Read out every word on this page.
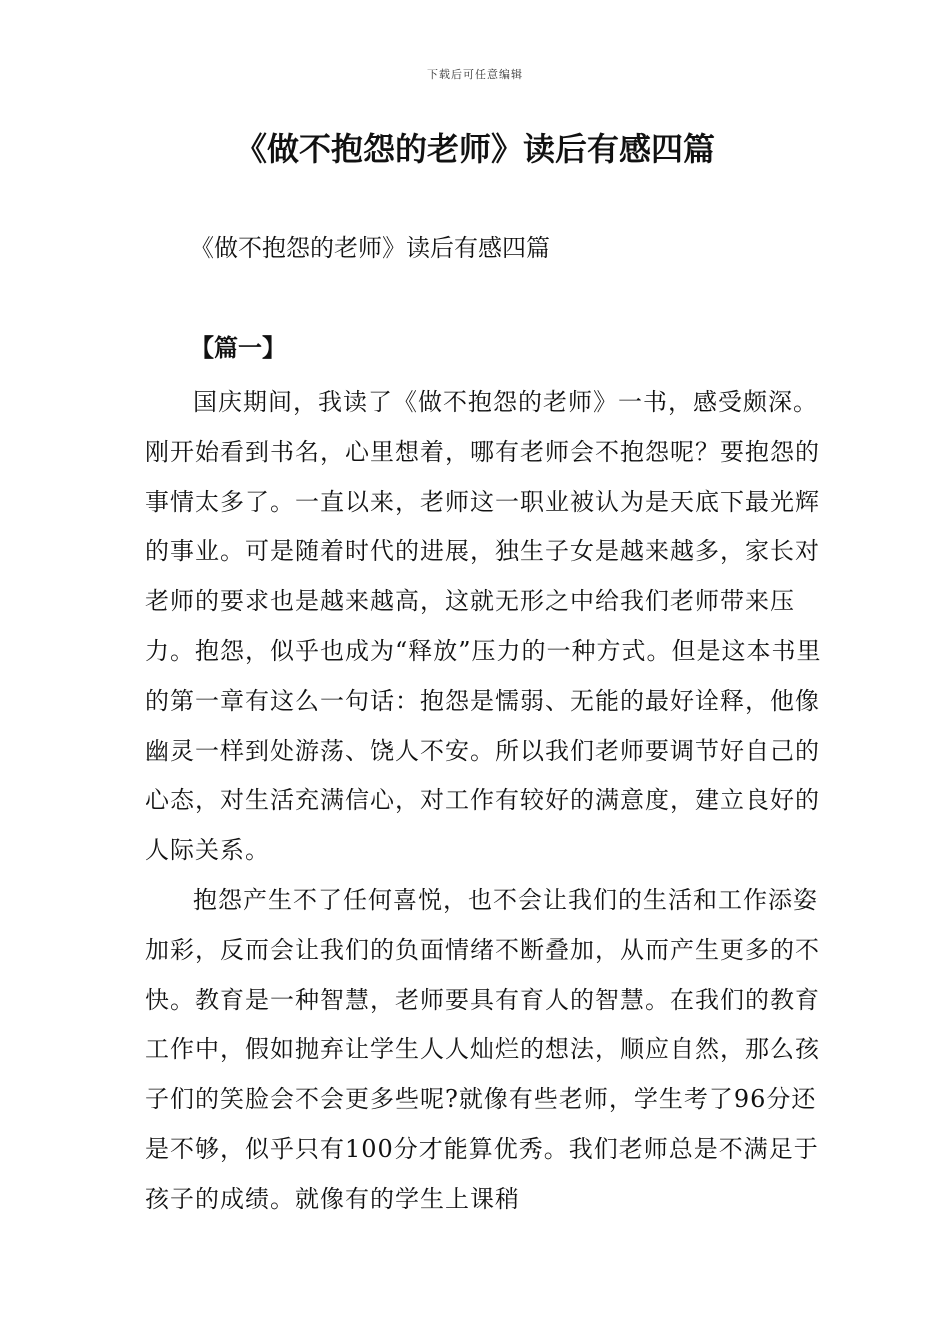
下载后可任意编辑
《做不抱怨的老师》读后有感四篇
《做不抱怨的老师》读后有感四篇
【篇一】

国庆期间，我读了《做不抱怨的老师》一书，感受颇深。刚开始看到书名，心里想着，哪有老师会不抱怨呢？要抱怨的事情太多了。一直以来，老师这一职业被认为是天底下最光辉的事业。可是随着时代的进展，独生子女是越来越多，家长对老师的要求也是越来越高，这就无形之中给我们老师带来压力。抱怨，似乎也成为“释放”压力的一种方式。但是这本书里的第一章有这么一句话：抱怨是懦弱、无能的最好诠释，他像幽灵一样到处游荡、饶人不安。所以我们老师要调节好自己的心态，对生活充满信心，对工作有较好的满意度，建立良好的人际关系。

抱怨产生不了任何喜悦，也不会让我们的生活和工作添姿加彩，反而会让我们的负面情绪不断叠加，从而产生更多的不快。教育是一种智慧，老师要具有育人的智慧。在我们的教育工作中，假如抛弃让学生人人灿烂的想法，顺应自然，那么孩子们的笑脸会不会更多些呢?就像有些老师，学生考了96分还是不够，似乎只有100分才能算优秀。我们老师总是不满足于孩子的成绩。就像有的学生上课稍
